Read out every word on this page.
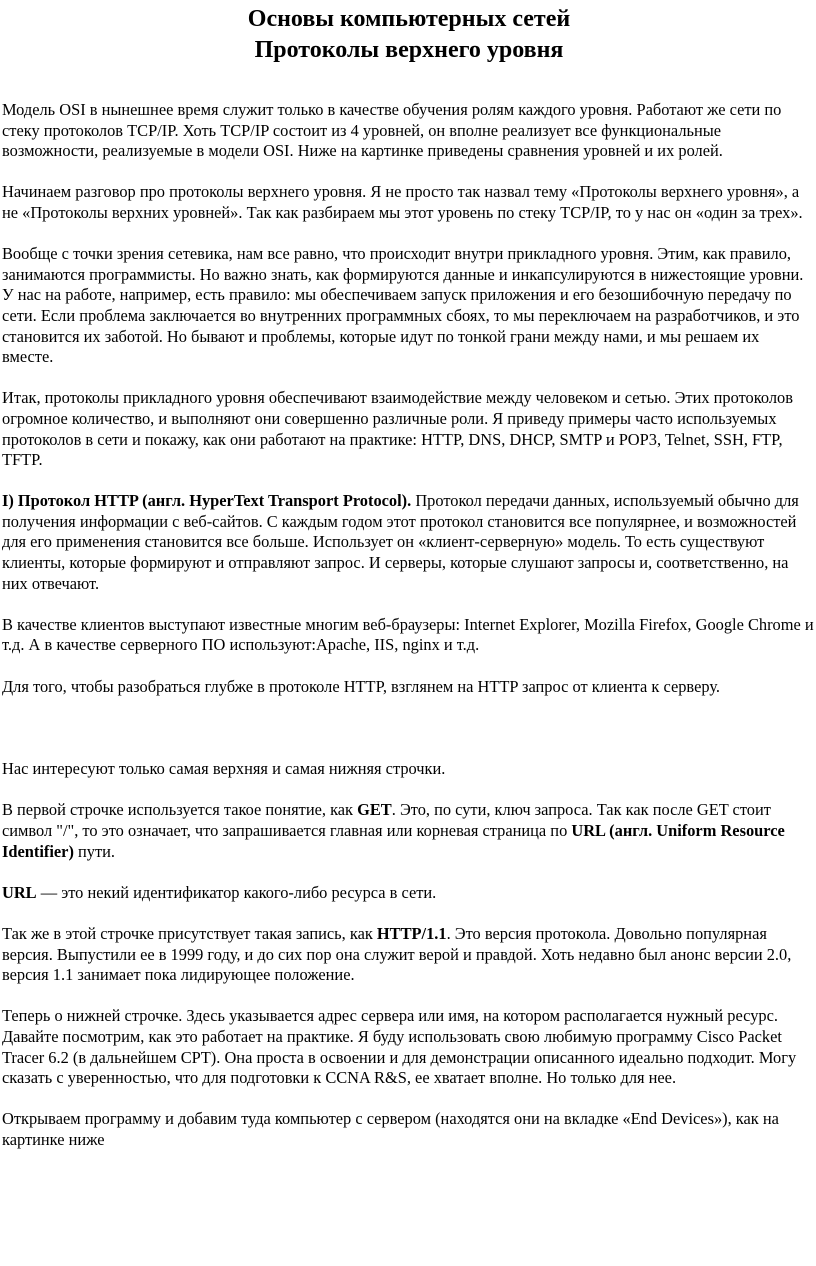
Основы компьютерных сетей
Протоколы верхнего уровня

Модель OSI в нынешнее время служит только в качестве обучения ролям каждого уровня. Работают же сети по стеку протоколов TCP/IP. Хоть TCP/IP состоит из 4 уровней, он вполне реализует все функциональные возможности, реализуемые в модели OSI. Ниже на картинке приведены сравнения уровней и их ролей.

Начинаем разговор про протоколы верхнего уровня. Я не просто так назвал тему «Протоколы верхнего уровня», а не «Протоколы верхних уровней». Так как разбираем мы этот уровень по стеку TCP/IP, то у нас он «один за трех».

Вообще с точки зрения сетевика, нам все равно, что происходит внутри прикладного уровня. Этим, как правило, занимаются программисты. Но важно знать, как формируются данные и инкапсулируются в нижестоящие уровни.

У нас на работе, например, есть правило: мы обеспечиваем запуск приложения и его безошибочную передачу по сети. Если проблема заключается во внутренних программных сбоях, то мы переключаем на разработчиков, и это становится их заботой. Но бывают и проблемы, которые идут по тонкой грани между нами, и мы решаем их вместе.

Итак, протоколы прикладного уровня обеспечивают взаимодействие между человеком и сетью. Этих протоколов огромное количество, и выполняют они совершенно различные роли. Я приведу примеры часто используемых протоколов в сети и покажу, как они работают на практике: HTTP, DNS, DHCP, SMTP и POP3, Telnet, SSH, FTP, TFTP.

I) Протокол HTTP (англ. HyperText Transport Protocol). Протокол передачи данных, используемый обычно для получения информации с веб-сайтов. С каждым годом этот протокол становится все популярнее, и возможностей для его применения становится все больше. Использует он «клиент-серверную» модель. То есть существуют клиенты, которые формируют и отправляют запрос. И серверы, которые слушают запросы и, соответственно, на них отвечают.

В качестве клиентов выступают известные многим веб-браузеры: Internet Explorer, Mozilla Firefox, Google Chrome и т.д. А в качестве серверного ПО используют:Apache, IIS, nginx и т.д.

Для того, чтобы разобраться глубже в протоколе HTTP, взглянем на HTTP запрос от клиента к серверу.

Нас интересуют только самая верхняя и самая нижняя строчки.

В первой строчке используется такое понятие, как GET. Это, по сути, ключ запроса. Так как после GET стоит символ "/", то это означает, что запрашивается главная или корневая страница по URL (англ. Uniform Resource Identifier) пути.

URL — это некий идентификатор какого-либо ресурса в сети.

Так же в этой строчке присутствует такая запись, как HTTP/1.1. Это версия протокола. Довольно популярная версия. Выпустили ее в 1999 году, и до сих пор она служит верой и правдой. Хоть недавно был анонс версии 2.0, версия 1.1 занимает пока лидирующее положение.

Теперь о нижней строчке. Здесь указывается адрес сервера или имя, на котором располагается нужный ресурс. Давайте посмотрим, как это работает на практике. Я буду использовать свою любимую программу Cisco Packet Tracer 6.2 (в дальнейшем CPT). Она проста в освоении и для демонстрации описанного идеально подходит. Могу сказать с уверенностью, что для подготовки к CCNA R&S, ее хватает вполне. Но только для нее.

Открываем программу и добавим туда компьютер с сервером (находятся они на вкладке «End Devices»), как на картинке ниже
